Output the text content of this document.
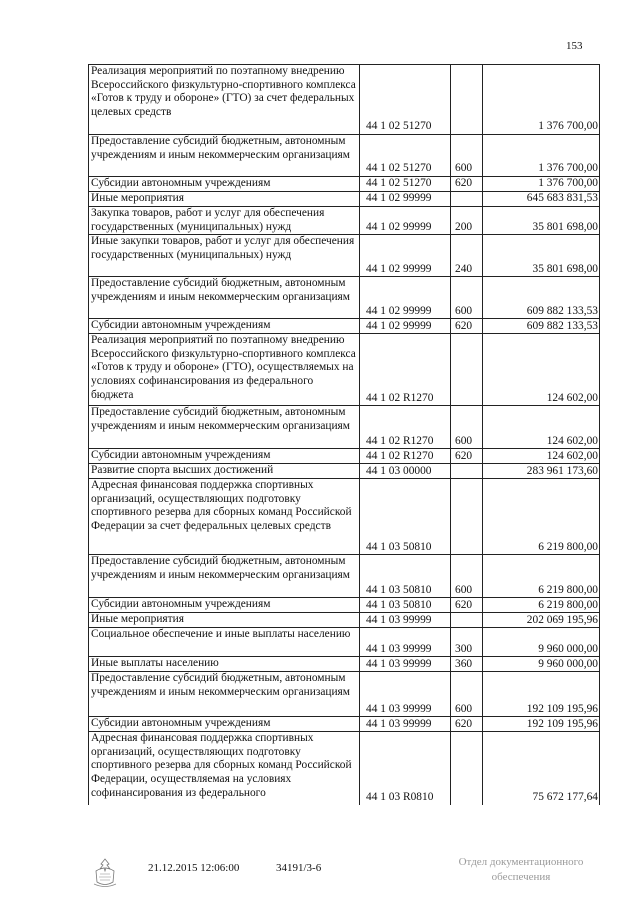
153
Реализация мероприятий по поэтапному внедрению Всероссийского физкультурно-спортивного комплекса «Готов к труду и обороне» (ГТО) за счет федеральных целевых средств	44 1 02 51270		1 376 700,00
Предоставление субсидий бюджетным, автономным учреждениям и иным некоммерческим организациям	44 1 02 51270	600	1 376 700,00
Субсидии автономным учреждениям	44 1 02 51270	620	1 376 700,00
Иные мероприятия	44 1 02 99999		645 683 831,53
Закупка товаров, работ и услуг для обеспечения государственных (муниципальных) нужд	44 1 02 99999	200	35 801 698,00
Иные закупки товаров, работ и услуг для обеспечения государственных (муниципальных) нужд	44 1 02 99999	240	35 801 698,00
Предоставление субсидий бюджетным, автономным учреждениям и иным некоммерческим организациям	44 1 02 99999	600	609 882 133,53
Субсидии автономным учреждениям	44 1 02 99999	620	609 882 133,53
Реализация мероприятий по поэтапному внедрению Всероссийского физкультурно-спортивного комплекса «Готов к труду и обороне» (ГТО), осуществляемых на условиях софинансирования из федерального бюджета	44 1 02 R1270		124 602,00
Предоставление субсидий бюджетным, автономным учреждениям и иным некоммерческим организациям	44 1 02 R1270	600	124 602,00
Субсидии автономным учреждениям	44 1 02 R1270	620	124 602,00
Развитие спорта высших достижений	44 1 03 00000		283 961 173,60
Адресная финансовая поддержка спортивных организаций, осуществляющих подготовку спортивного резерва для сборных команд Российской Федерации за счет федеральных целевых средств	44 1 03 50810		6 219 800,00
Предоставление субсидий бюджетным, автономным учреждениям и иным некоммерческим организациям	44 1 03 50810	600	6 219 800,00
Субсидии автономным учреждениям	44 1 03 50810	620	6 219 800,00
Иные мероприятия	44 1 03 99999		202 069 195,96
Социальное обеспечение и иные выплаты населению	44 1 03 99999	300	9 960 000,00
Иные выплаты населению	44 1 03 99999	360	9 960 000,00
Предоставление субсидий бюджетным, автономным учреждениям и иным некоммерческим организациям	44 1 03 99999	600	192 109 195,96
Субсидии автономным учреждениям	44 1 03 99999	620	192 109 195,96
Адресная финансовая поддержка спортивных организаций, осуществляющих подготовку спортивного резерва для сборных команд Российской Федерации, осуществляемая на условиях софинансирования из федерального	44 1 03 R0810		75 672 177,64
21.12.2015 12:06:00	34191/3-6	Отдел документационного
обеспечения
